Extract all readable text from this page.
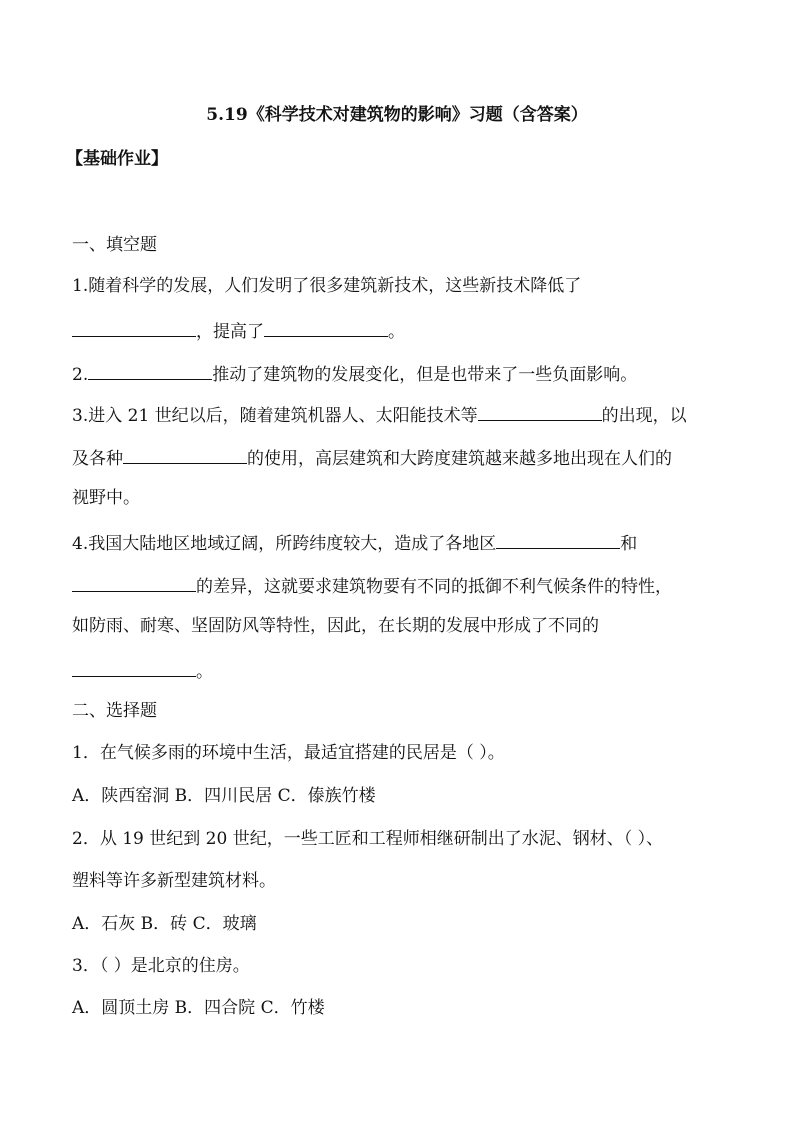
5.19《科学技术对建筑物的影响》习题（含答案）
【基础作业】
一、填空题
1.随着科学的发展，人们发明了很多建筑新技术，这些新技术降低了
，提高了	。
2.	推动了建筑物的发展变化，但是也带来了一些负面影响。
3.进入 21 世纪以后，随着建筑机器人、太阳能技术等	的出现，以
及各种	的使用，高层建筑和大跨度建筑越来越多地出现在人们的
视野中。
4.我国大陆地区地域辽阔，所跨纬度较大，造成了各地区	和
的差异，这就要求建筑物要有不同的抵御不利气候条件的特性，
如防雨、耐寒、坚固防风等特性，因此，在长期的发展中形成了不同的
。
二、选择题
1．在气候多雨的环境中生活，最适宜搭建的民居是（ ）。
A．陕西窑洞 B．四川民居 C．傣族竹楼
2．从 19 世纪到 20 世纪，一些工匠和工程师相继研制出了水泥、钢材、（ ）、
塑料等许多新型建筑材料。
A．石灰 B．砖 C．玻璃
3．（ ）是北京的住房。
A．圆顶土房 B．四合院 C．竹楼
